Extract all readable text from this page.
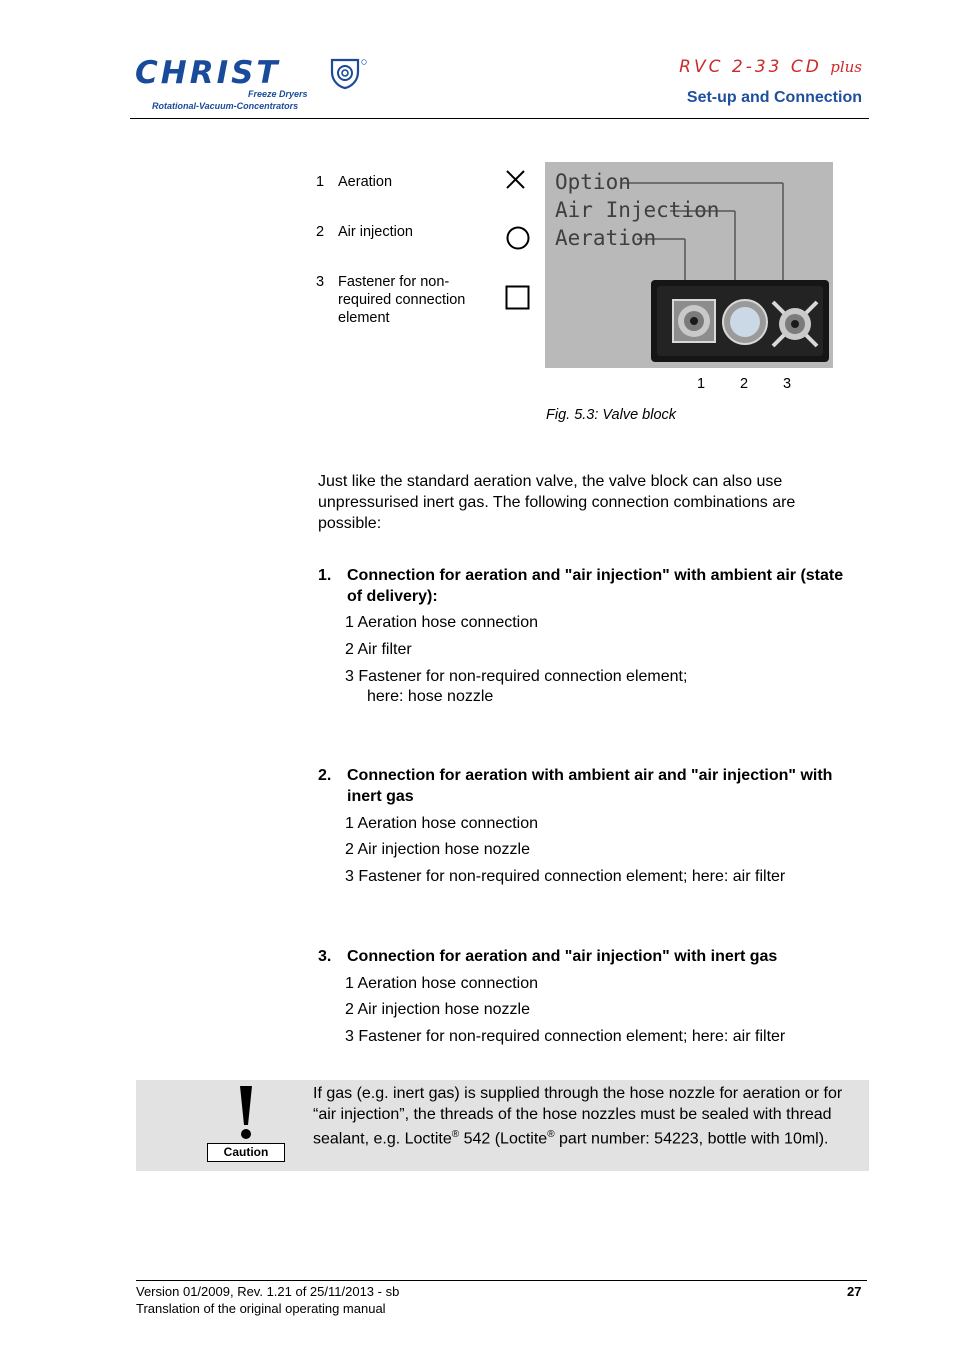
CHRIST
Freeze Dryers
Rotational-Vacuum-Concentrators
RVC 2-33 CD plus
Set-up and Connection
1 Aeration
2 Air injection
3 Fastener for non-
required connection
element
Option
Air Injection
Aeration
1 2 3
Fig. 5.3: Valve block
Just like the standard aeration valve, the valve block can also use unpressurised inert gas. The following connection combinations are possible:
1. Connection for aeration and "air injection" with ambient air (state of delivery):
1 Aeration hose connection
2 Air filter
3 Fastener for non-required connection element;
here: hose nozzle
2. Connection for aeration with ambient air and "air injection" with inert gas
1 Aeration hose connection
2 Air injection hose nozzle
3 Fastener for non-required connection element; here: air filter
3. Connection for aeration and "air injection" with inert gas
1 Aeration hose connection
2 Air injection hose nozzle
3 Fastener for non-required connection element; here: air filter
Caution
If gas (e.g. inert gas) is supplied through the hose nozzle for aeration or for “air injection”, the threads of the hose nozzles must be sealed with thread sealant, e.g. Loctite® 542 (Loctite® part number: 54223, bottle with 10ml).
Version 01/2009, Rev. 1.21 of 25/11/2013 - sb
Translation of the original operating manual
27
